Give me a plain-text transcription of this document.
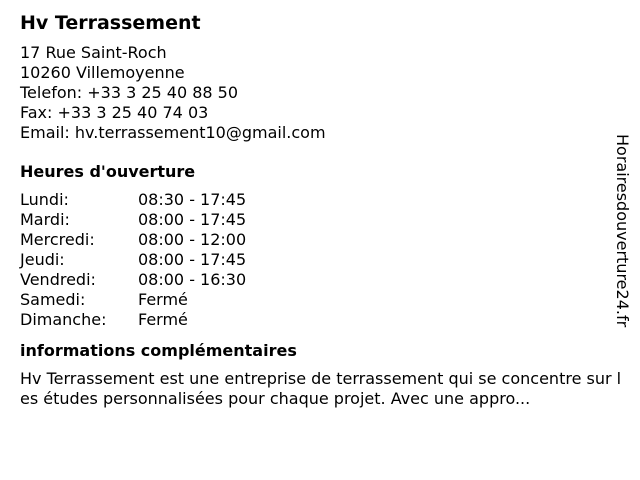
Hv Terrassement
17 Rue Saint-Roch
10260 Villemoyenne
Telefon: +33 3 25 40 88 50
Fax: +33 3 25 40 74 03
Email: hv.terrassement10@gmail.com
Heures d'ouverture
Lundi:	08:30 - 17:45
Mardi:	08:00 - 17:45
Mercredi:	08:00 - 12:00
Jeudi:	08:00 - 17:45
Vendredi:	08:00 - 16:30
Samedi:	Fermé
Dimanche:	Fermé
informations complémentaires
Hv Terrassement est une entreprise de terrassement qui se concentre sur les études personnalisées pour chaque projet. Avec une appro...
Horairesdouverture24.fr
